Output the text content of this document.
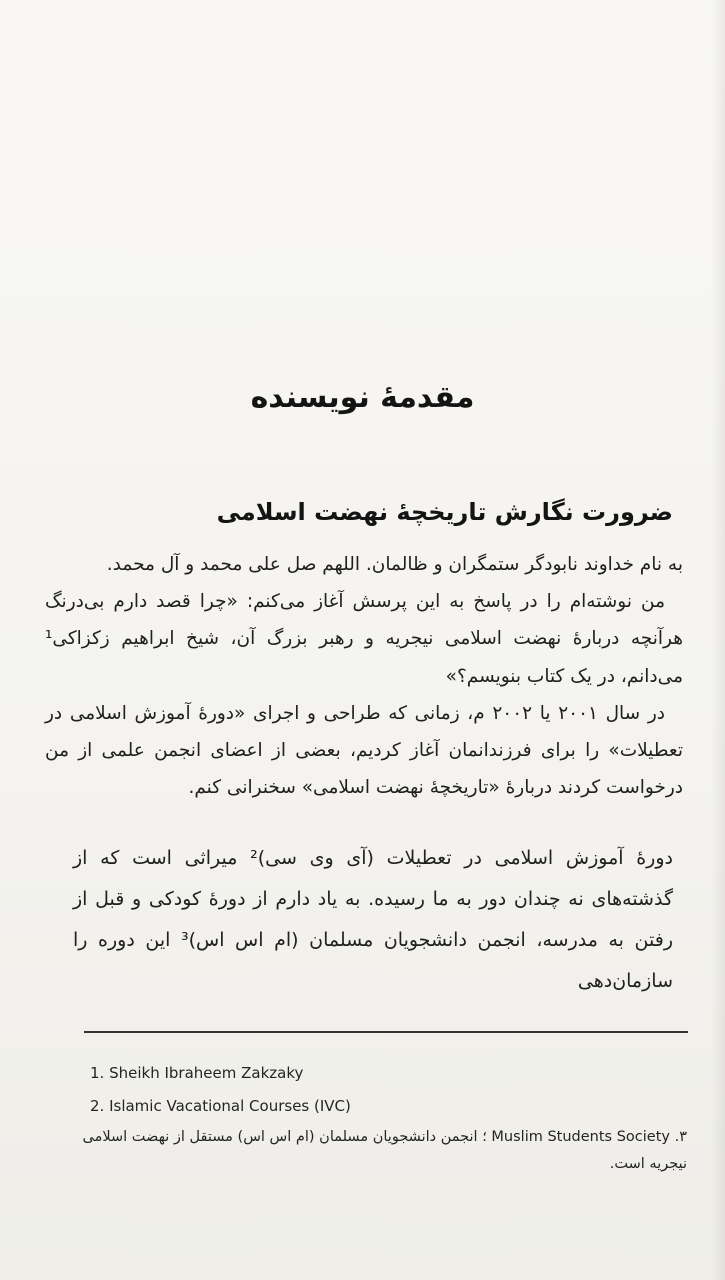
مقدمهٔ نویسنده
ضرورت نگارش تاریخچهٔ نهضت اسلامی

به نام خداوند نابودگر ستمگران و ظالمان. اللهم صل علی محمد و آل محمد.

من نوشته‌ام را در پاسخ به این پرسش آغاز می‌کنم: «چرا قصد دارم بی‌درنگ هرآنچه دربارهٔ نهضت اسلامی نیجریه و رهبر بزرگ آن، شیخ ابراهیم زکزاکی¹ می‌دانم، در یک کتاب بنویسم؟»

در سال ۲۰۰۱ یا ۲۰۰۲ م، زمانی که طراحی و اجرای «دورهٔ آموزش اسلامی در تعطیلات» را برای فرزندانمان آغاز کردیم، بعضی از اعضای انجمن علمی از من درخواست کردند دربارهٔ «تاریخچهٔ نهضت اسلامی» سخنرانی کنم.

دورهٔ آموزش اسلامی در تعطیلات (آی وی سی)² میراثی است که از گذشته‌های نه چندان دور به ما رسیده. به یاد دارم از دورهٔ کودکی و قبل از رفتن به مدرسه، انجمن دانشجویان مسلمان (ام اس اس)³ این دوره را سازمان‌دهی

1. Sheikh Ibraheem Zakzaky

2. Islamic Vacational Courses (IVC)

۳. Muslim Students Society ؛ انجمن دانشجویان مسلمان (ام اس اس) مستقل از نهضت اسلامی نیجریه است.
